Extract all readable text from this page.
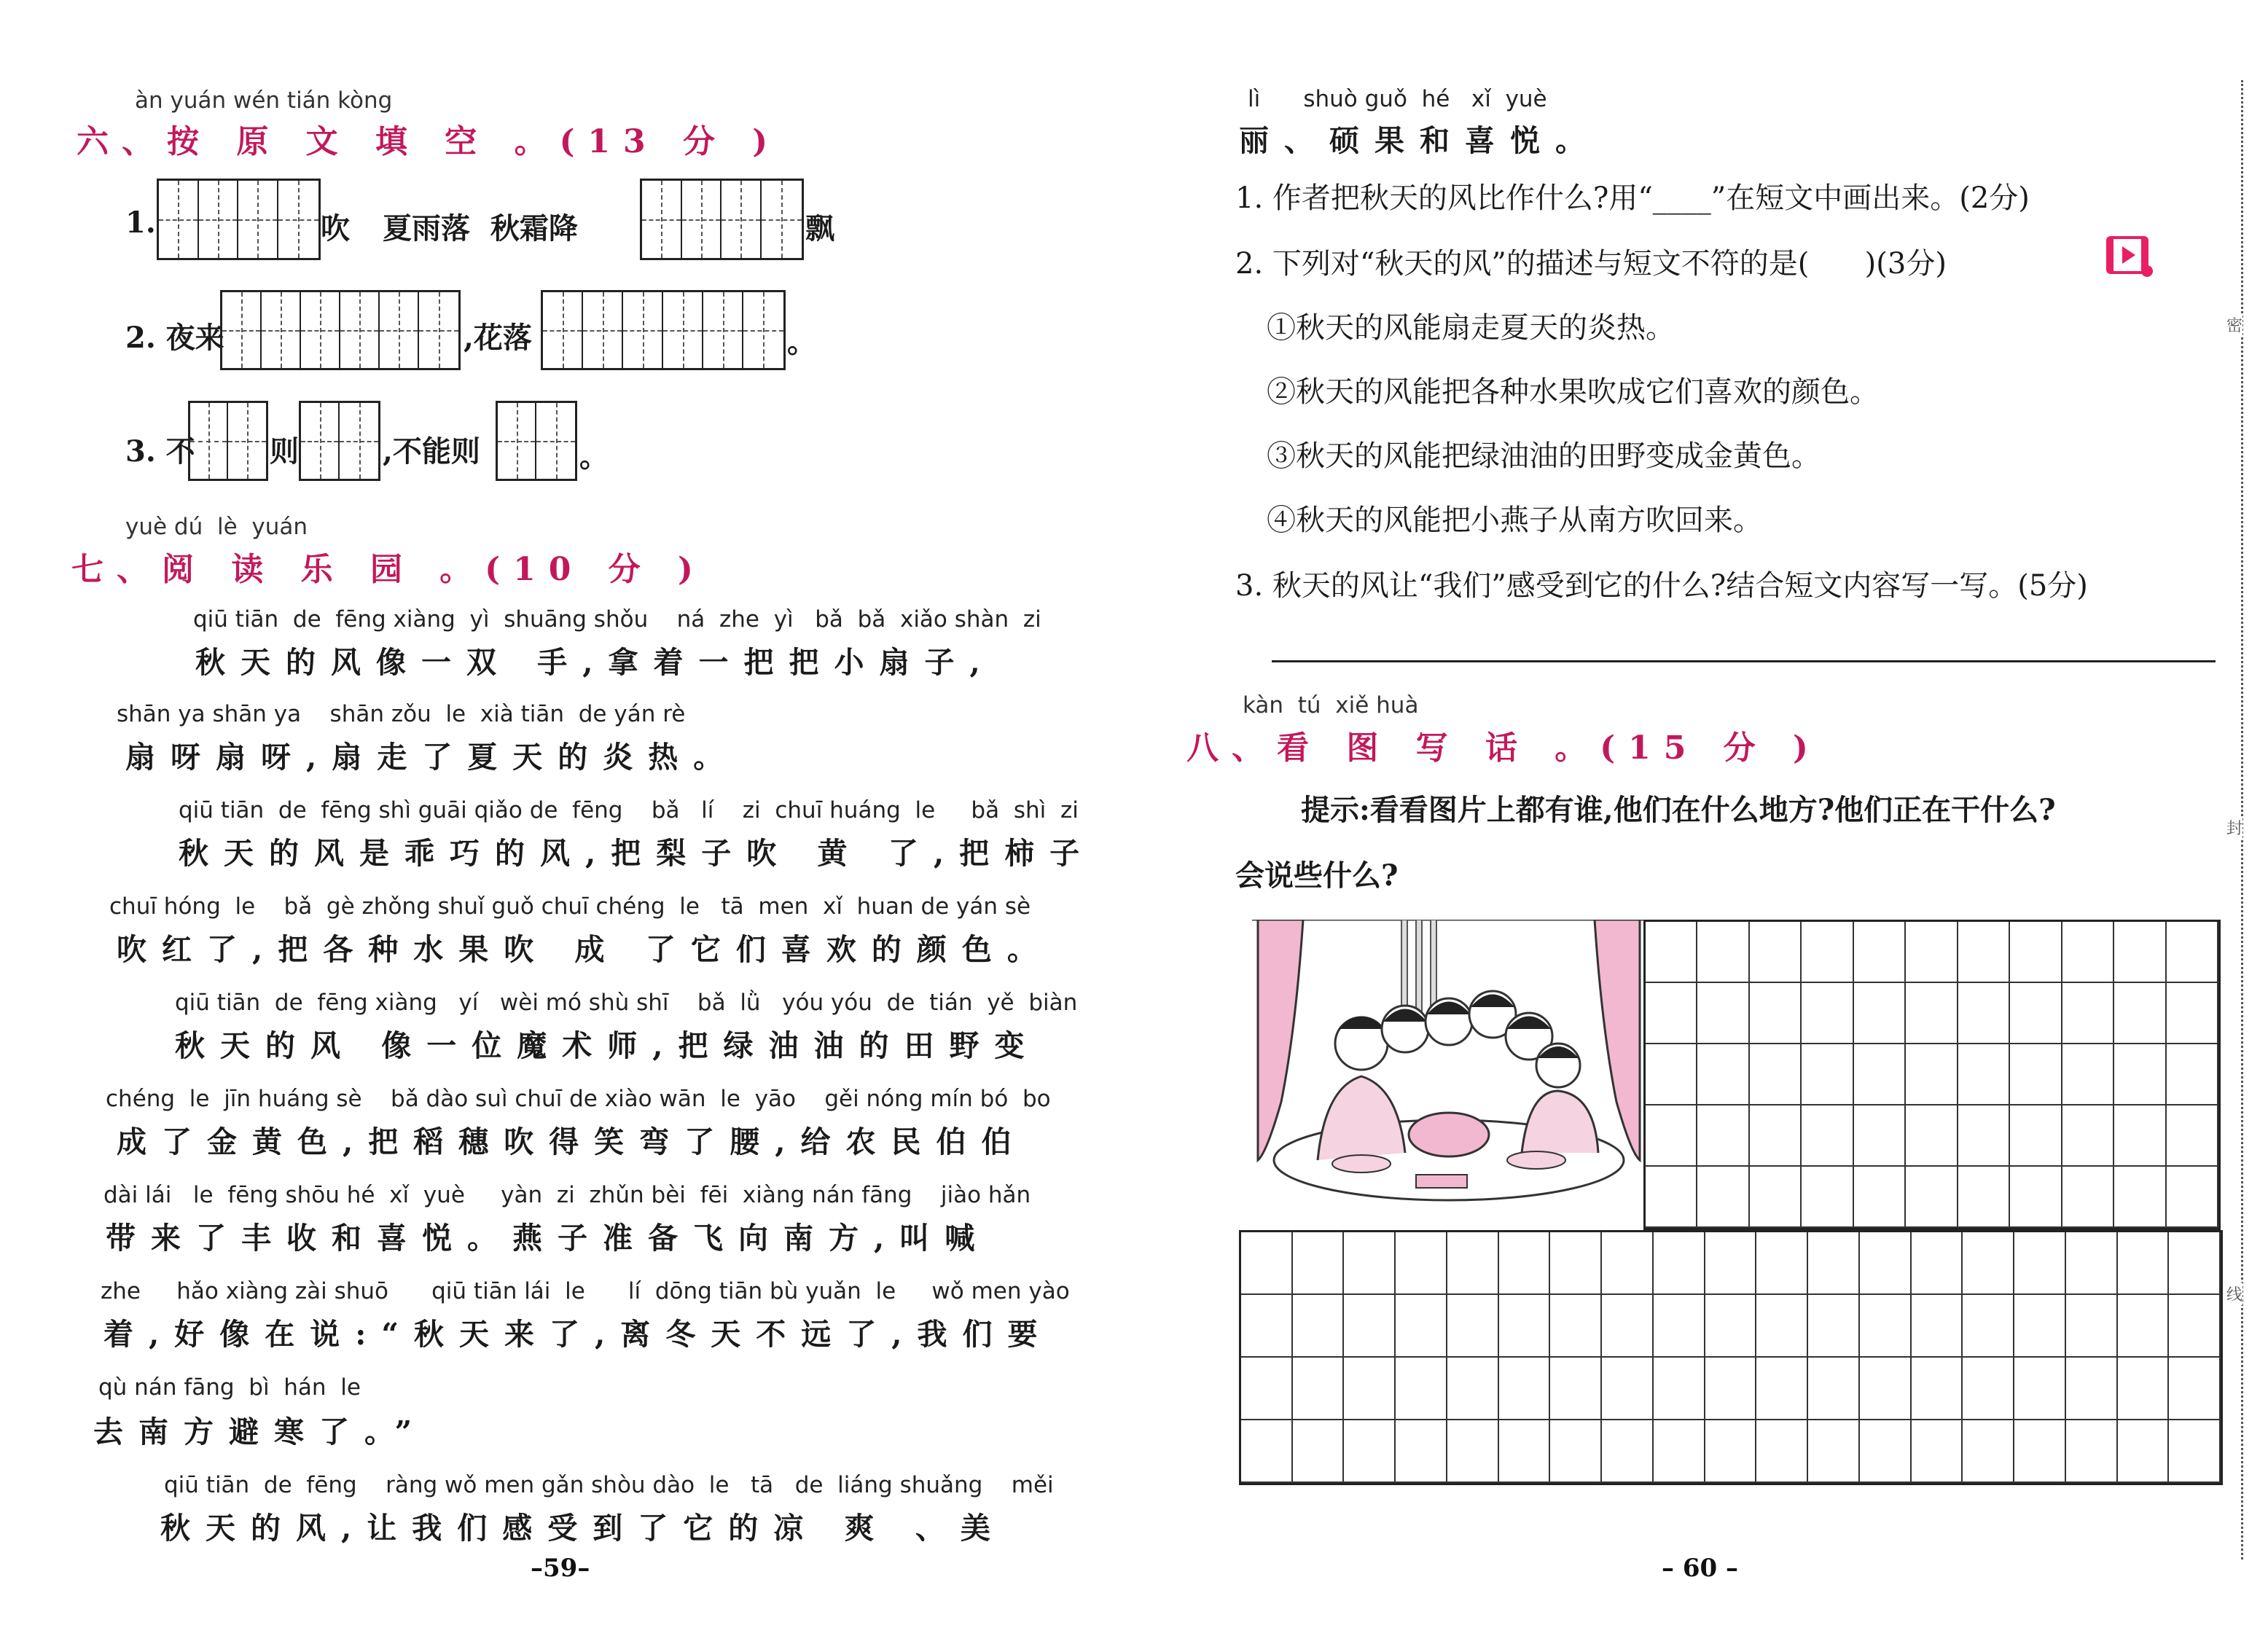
àn yuán wén tián kòng
六、按 原 文 填 空 。(13 分 )
1.	吹 夏雨落  秋霜降	飘
2. 夜来	,花落	。
3. 不	则	,不能则	。
yuè dú  lè  yuán
七、阅 读 乐 园 。(10 分 )
qiū tiān  de  fēng xiàng  yì  shuāng shǒu    ná  zhe  yì   bǎ  bǎ  xiǎo shàn  zi
秋天的风像一双 手,拿着一把把小扇子,
shān ya shān ya    shān zǒu  le  xià tiān  de yán rè
扇呀扇呀,扇走了夏天的炎热。
qiū tiān  de  fēng shì guāi qiǎo de  fēng    bǎ   lí    zi  chuī huáng  le     bǎ  shì  zi
秋天的风是乖巧的风,把梨子吹 黄 了,把柿子
chuī hóng  le    bǎ  gè zhǒng shuǐ guǒ chuī chéng  le   tā  men  xǐ  huan de yán sè
吹红了,把各种水果吹 成 了它们喜欢的颜色。
qiū tiān  de  fēng xiàng   yí   wèi mó shù shī    bǎ  lǜ   yóu yóu  de  tián  yě  biàn
秋天的风 像一位魔术师,把绿油油的田野变
chéng  le  jīn huáng sè    bǎ dào suì chuī de xiào wān  le  yāo    gěi nóng mín bó  bo
成了金黄色,把稻穗吹得笑弯了腰,给农民伯伯
dài lái   le  fēng shōu hé  xǐ  yuè     yàn  zi  zhǔn bèi  fēi  xiàng nán fāng    jiào hǎn
带来了丰收和喜悦。燕子准备飞向南方,叫喊
zhe     hǎo xiàng zài shuō      qiū tiān lái  le      lí  dōng tiān bù yuǎn  le     wǒ men yào
着,好像在说:“秋天来了,离冬天不远了,我们要
qù nán fāng  bì  hán  le
去南方避寒了。”
qiū tiān  de  fēng    ràng wǒ men gǎn shòu dào  le   tā   de  liáng shuǎng    měi
秋天的风,让我们感受到了它的凉 爽 、美
–59–
lì      shuò guǒ  hé   xǐ  yuè
丽、硕果和喜悦。
1. 作者把秋天的风比作什么?用“____”在短文中画出来。(2分)
2. 下列对“秋天的风”的描述与短文不符的是(      )(3分)
①秋天的风能扇走夏天的炎热。
②秋天的风能把各种水果吹成它们喜欢的颜色。
③秋天的风能把绿油油的田野变成金黄色。
④秋天的风能把小燕子从南方吹回来。
3. 秋天的风让“我们”感受到它的什么?结合短文内容写一写。(5分)
kàn  tú  xiě huà
八、看 图 写 话 。(15 分 )
提示:看看图片上都有谁,他们在什么地方?他们正在干什么?
会说些什么?
– 60 –
密
封
线
